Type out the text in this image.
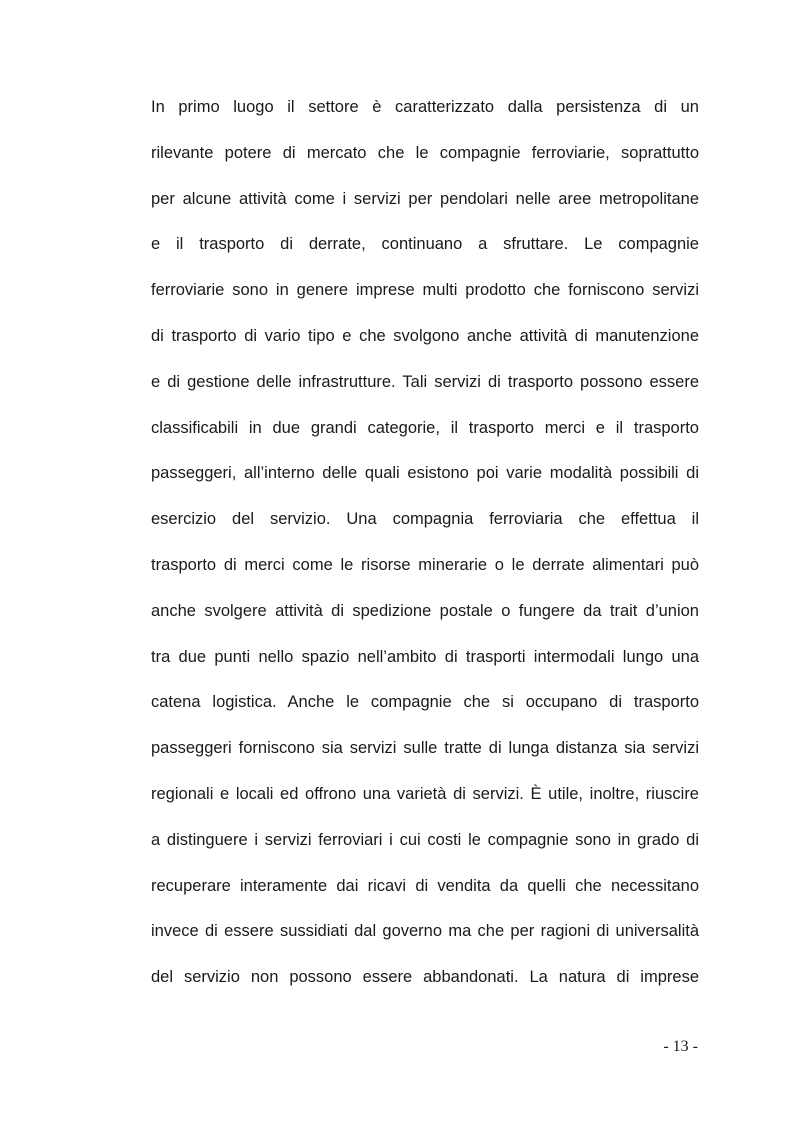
In primo luogo il settore è caratterizzato dalla persistenza di un
rilevante potere di mercato che le compagnie ferroviarie, soprattutto
per alcune attività come i servizi per pendolari nelle aree metropolitane
e il trasporto di derrate, continuano a sfruttare. Le compagnie
ferroviarie sono in genere imprese multi prodotto che forniscono servizi
di trasporto di vario tipo e che svolgono anche attività di manutenzione
e di gestione delle infrastrutture. Tali servizi di trasporto possono essere
classificabili in due grandi categorie, il trasporto merci e il trasporto
passeggeri, all’interno delle quali esistono poi varie modalità possibili di
esercizio del servizio. Una compagnia ferroviaria che effettua il
trasporto di merci come le risorse minerarie o le derrate alimentari può
anche svolgere attività di spedizione postale o fungere da trait d’union
tra due punti nello spazio nell’ambito di trasporti intermodali lungo una
catena logistica. Anche le compagnie che si occupano di trasporto
passeggeri forniscono sia servizi sulle tratte di lunga distanza sia servizi
regionali e locali ed offrono una varietà di servizi. È utile, inoltre, riuscire
a distinguere i servizi ferroviari i cui costi le compagnie sono in grado di
recuperare interamente dai ricavi di vendita da quelli che necessitano
invece di essere sussidiati dal governo ma che per ragioni di universalità
del servizio non possono essere abbandonati. La natura di imprese
- 13 -
